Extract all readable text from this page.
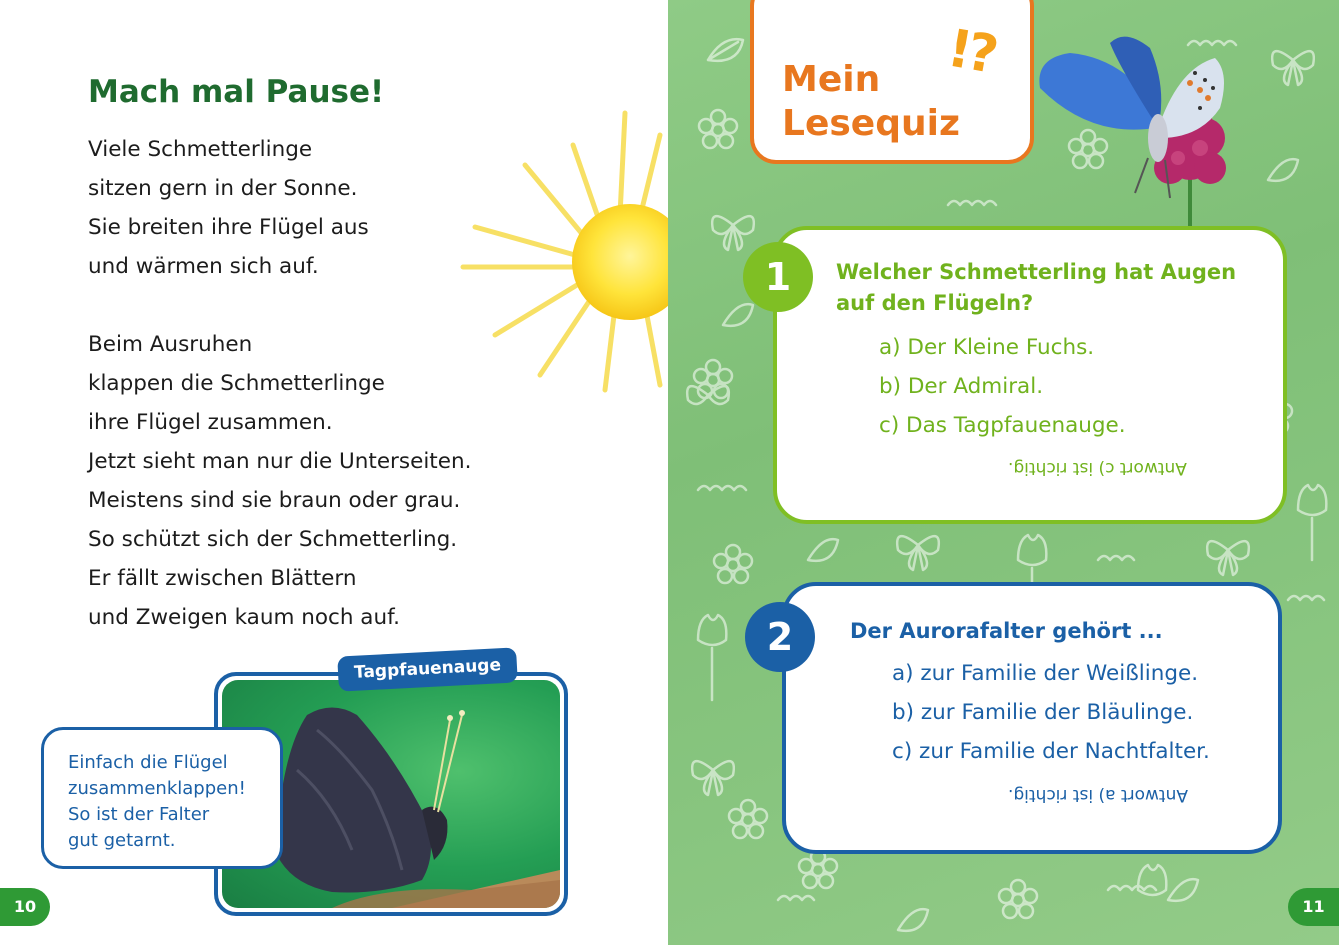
Mach mal Pause!
Viele Schmetterlinge
sitzen gern in der Sonne.
Sie breiten ihre Flügel aus
und wärmen sich auf.
Beim Ausruhen
klappen die Schmetterlinge
ihre Flügel zusammen.
Jetzt sieht man nur die Unterseiten.
Meistens sind sie braun oder grau.
So schützt sich der Schmetterling.
Er fällt zwischen Blättern
und Zweigen kaum noch auf.
Tagpfauenauge
Einfach die Flügel
zusammenklappen!
So ist der Falter
gut getarnt.
10
Mein
Lesequiz
!?
1	Welcher Schmetterling hat Augen
auf den Flügeln?
a) Der Kleine Fuchs.
b) Der Admiral.
c) Das Tagpfauenauge.
Antwort c) ist richtig.
2	Der Aurorafalter gehört ...
a) zur Familie der Weißlinge.
b) zur Familie der Bläulinge.
c) zur Familie der Nachtfalter.
Antwort a) ist richtig.
11
